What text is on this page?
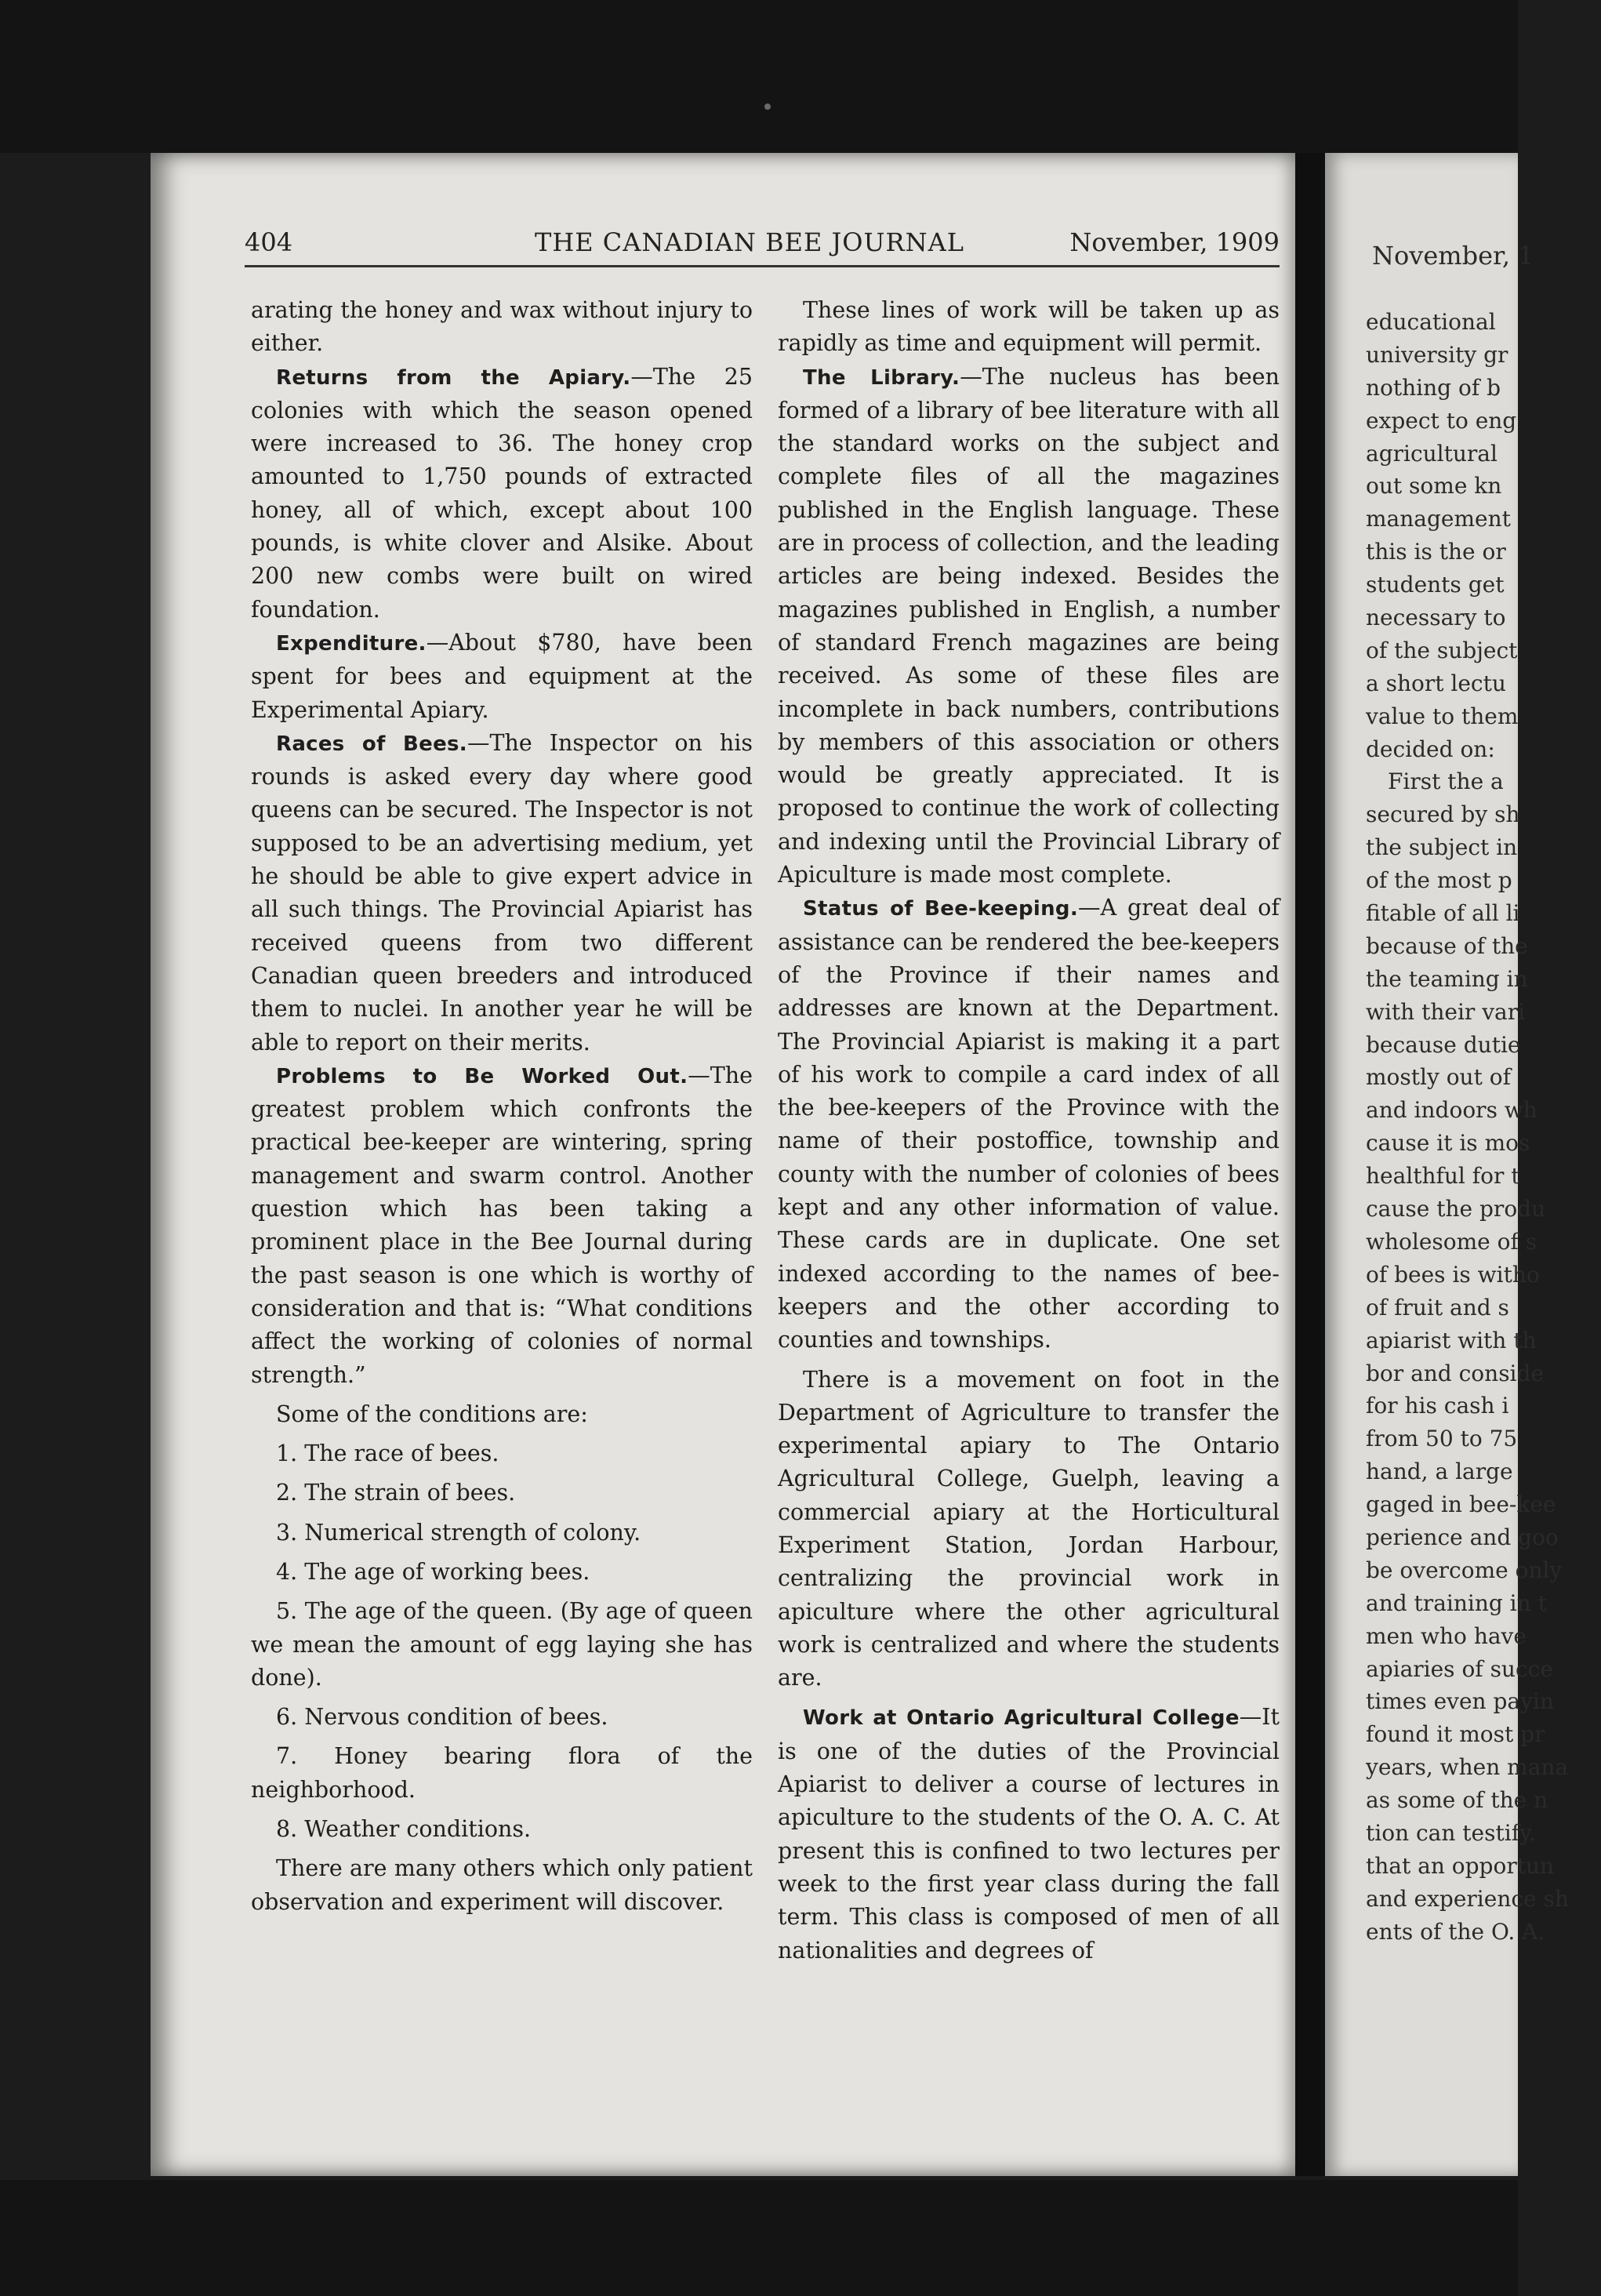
404	THE CANADIAN BEE JOURNAL	November, 1909

arating the honey and wax without injury to either.

Returns from the Apiary.—The 25 colonies with which the season opened were increased to 36. The honey crop amounted to 1,750 pounds of extracted honey, all of which, except about 100 pounds, is white clover and Alsike. About 200 new combs were built on wired foundation.

Expenditure.—About $780, have been spent for bees and equipment at the Experimental Apiary.

Races of Bees.—The Inspector on his rounds is asked every day where good queens can be secured. The Inspector is not supposed to be an advertising medium, yet he should be able to give expert advice in all such things. The Provincial Apiarist has received queens from two different Canadian queen breeders and introduced them to nuclei. In another year he will be able to report on their merits.

Problems to Be Worked Out.—The greatest problem which confronts the practical bee-keeper are wintering, spring management and swarm control. Another question which has been taking a prominent place in the Bee Journal during the past season is one which is worthy of consideration and that is: “What conditions affect the working of colonies of normal strength.”

Some of the conditions are:

1. The race of bees.

2. The strain of bees.

3. Numerical strength of colony.

4. The age of working bees.

5. The age of the queen. (By age of queen we mean the amount of egg laying she has done).

6. Nervous condition of bees.

7. Honey bearing flora of the neighborhood.

8. Weather conditions.

There are many others which only patient observation and experiment will discover.

These lines of work will be taken up as rapidly as time and equipment will permit.

The Library.—The nucleus has been formed of a library of bee literature with all the standard works on the subject and complete files of all the magazines published in the English language. These are in process of collection, and the leading articles are being indexed. Besides the magazines published in English, a number of standard French magazines are being received. As some of these files are incomplete in back numbers, contributions by members of this association or others would be greatly appreciated. It is proposed to continue the work of collecting and indexing until the Provincial Library of Apiculture is made most complete.

Status of Bee-keeping.—A great deal of assistance can be rendered the bee-keepers of the Province if their names and addresses are known at the Department. The Provincial Apiarist is making it a part of his work to compile a card index of all the bee-keepers of the Province with the name of their postoffice, township and county with the number of colonies of bees kept and any other information of value. These cards are in duplicate. One set indexed according to the names of bee-keepers and the other according to counties and townships.

There is a movement on foot in the Department of Agriculture to transfer the experimental apiary to The Ontario Agricultural College, Guelph, leaving a commercial apiary at the Horticultural Experiment Station, Jordan Harbour, centralizing the provincial work in apiculture where the other agricultural work is centralized and where the students are.

Work at Ontario Agricultural College—It is one of the duties of the Provincial Apiarist to deliver a course of lectures in apiculture to the students of the O. A. C. At present this is confined to two lectures per week to the first year class during the fall term. This class is composed of men of all nationalities and degrees of

November, 1
educational
university gr
nothing of b
expect to eng
agricultural
out some kn
management
this is the or
students get
necessary to
of the subject
a short lectu
value to them
decided on:
First the a
secured by sh
the subject in
of the most p
fitable of all li
because of the
the teaming in
with their vari
because dutie
mostly out of
and indoors wh
cause it is mos
healthful for t
cause the produ
wholesome of s
of bees is witho
of fruit and s
apiarist with th
bor and conside
for his cash i
from 50 to 75
hand, a large
gaged in bee-kee
perience and goo
be overcome only
and training in t
men who have
apiaries of succe
times even payin
found it most pr
years, when mana
as some of the n
tion can testify.
that an opportun
and experience sh
ents of the O. A.
